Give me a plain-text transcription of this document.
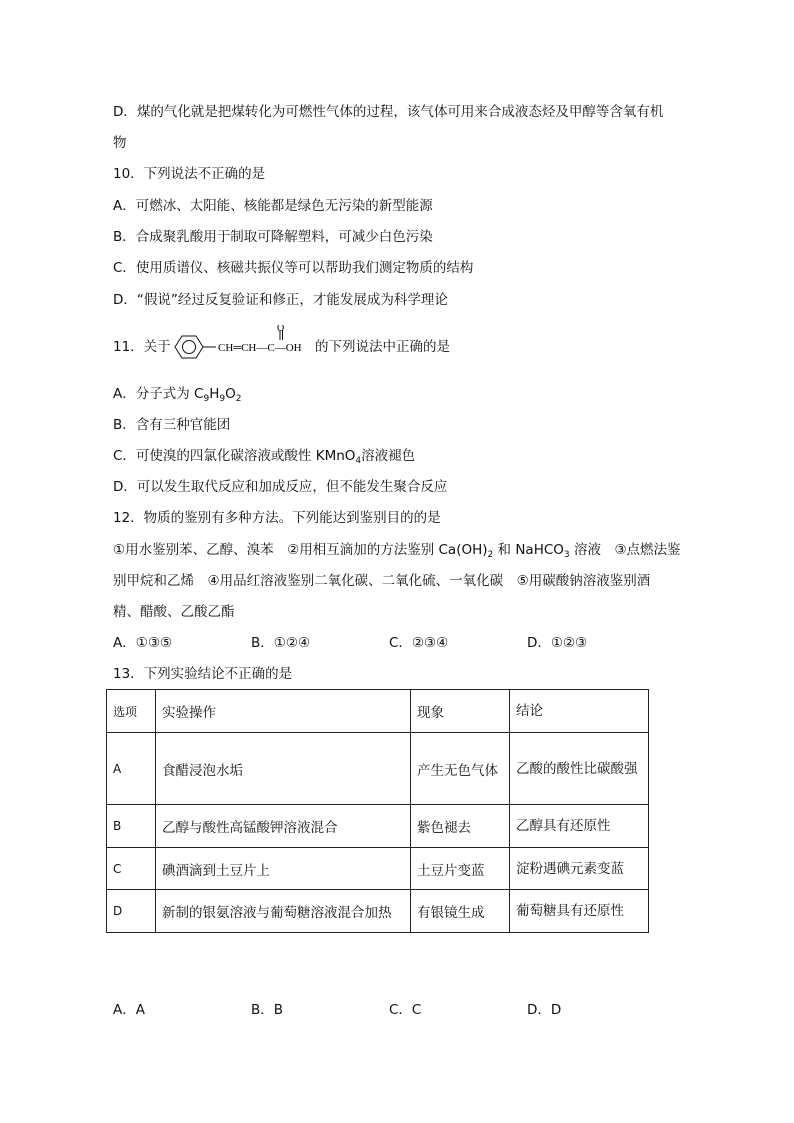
D．煤的气化就是把煤转化为可燃性气体的过程，该气体可用来合成液态烃及甲醇等含氧有机
物
10．下列说法不正确的是
A．可燃冰、太阳能、核能都是绿色无污染的新型能源
B．合成聚乳酸用于制取可降解塑料，可减少白色污染
C．使用质谱仪、核磁共振仪等可以帮助我们测定物质的结构
D．“假说”经过反复验证和修正，才能发展成为科学理论
11．关于	CH═CH—C—OH
O
的下列说法中正确的是
A．分子式为 $C_9H_9O_2$
B．含有三种官能团
C．可使溴的四氯化碳溶液或酸性 KMnO$_4$溶液褪色
D．可以发生取代反应和加成反应，但不能发生聚合反应
12．物质的鉴别有多种方法。下列能达到鉴别目的的是
①用水鉴别苯、乙醇、溴苯　②用相互滴加的方法鉴别 $Ca(OH)_2$ 和 NaHCO$_3$ 溶液　③点燃法鉴
别甲烷和乙烯　④用品红溶液鉴别二氧化碳、二氧化硫、一氧化碳　⑤用碳酸钠溶液鉴别酒
精、醋酸、乙酸乙酯
A．①③⑤	B．①②④	C．②③④	D．①②③
13．下列实验结论不正确的是
选项	实验操作	现象	结论
A	食醋浸泡水垢	产生无色气体	乙酸的酸性比碳酸强
B	乙醇与酸性高锰酸钾溶液混合	紫色褪去	乙醇具有还原性
C	碘酒滴到土豆片上	土豆片变蓝	淀粉遇碘元素变蓝
D	新制的银氨溶液与葡萄糖溶液混合加热	有银镜生成	葡萄糖具有还原性
A．A	B．B	C．C	D．D
